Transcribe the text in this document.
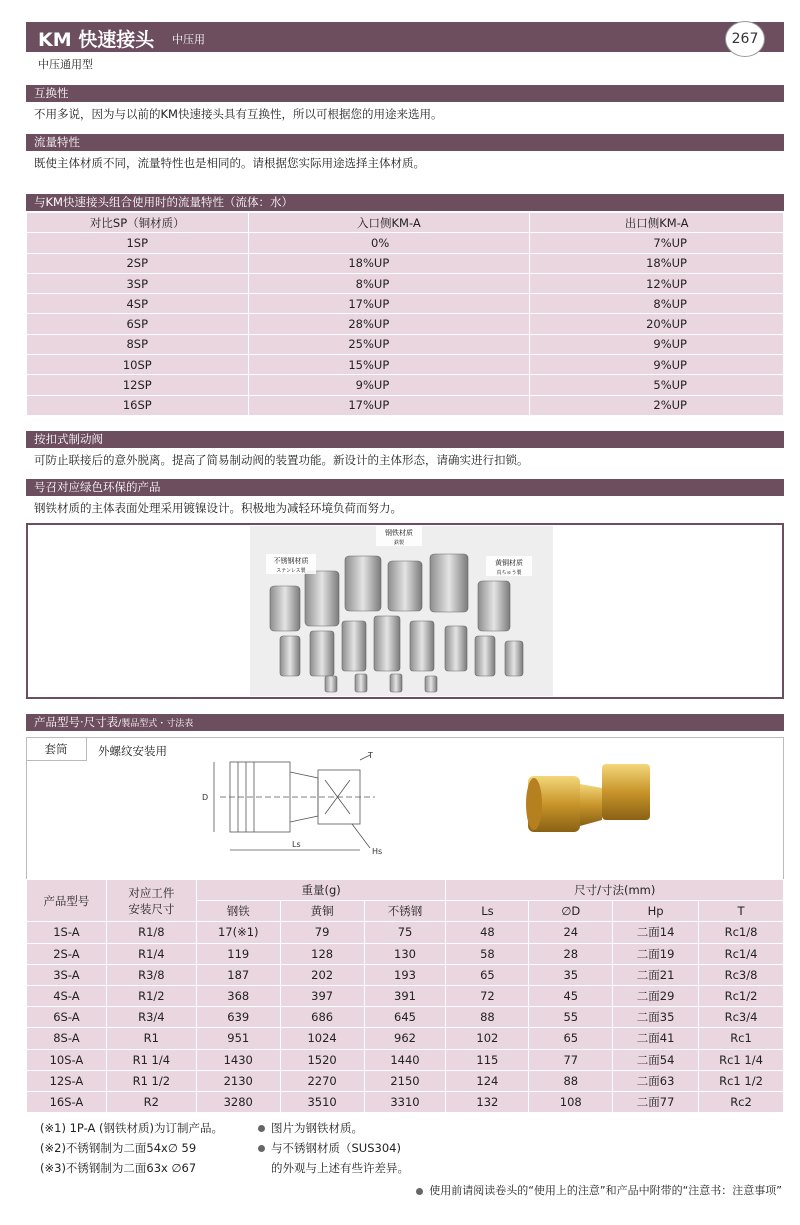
KM 快速接头 中压用	267
中压通用型
互换性
不用多说，因为与以前的KM快速接头具有互换性，所以可根据您的用途来选用。
流量特性
既使主体材质不同，流量特性也是相同的。请根据您实际用途选择主体材质。
与KM快速接头组合使用时的流量特性（流体：水）
对比SP（铜材质）	入口侧KM-A	出口侧KM-A
1SP	0%	7%UP
2SP	18%UP	18%UP
3SP	8%UP	12%UP
4SP	17%UP	8%UP
6SP	28%UP	20%UP
8SP	25%UP	9%UP
10SP	15%UP	9%UP
12SP	9%UP	5%UP
16SP	17%UP	2%UP
按扣式制动阀
可防止联接后的意外脱离。提高了简易制动阀的装置功能。新设计的主体形态，请确实进行扣锁。
号召对应绿色环保的产品
钢铁材质的主体表面处理采用镀镍设计。积极地为减轻环境负荷而努力。
钢铁材质
鉄製
不锈钢材质
ステンレス製
黄铜材质
真ちゅう製
产品型号·尺寸表/製品型式・寸法表
套筒	外螺纹安装用	T
D
Ls
Hs
产品型号	对应工件安装尺寸	重量(g)			尺寸/寸法(mm)			
		钢铁	黄铜	不锈钢	Ls	∅D	Hp	T
1S-A	R1/8	17(※1)	79	75	48	24	二面14	Rc1/8
2S-A	R1/4	119	128	130	58	28	二面19	Rc1/4
3S-A	R3/8	187	202	193	65	35	二面21	Rc3/8
4S-A	R1/2	368	397	391	72	45	二面29	Rc1/2
6S-A	R3/4	639	686	645	88	55	二面35	Rc3/4
8S-A	R1	951	1024	962	102	65	二面41	Rc1
10S-A	R1 1/4	1430	1520	1440	115	77	二面54	Rc1 1/4
12S-A	R1 1/2	2130	2270	2150	124	88	二面63	Rc1 1/2
16S-A	R2	3280	3510	3310	132	108	二面77	Rc2
(※1) 1P-A (钢铁材质)为订制产品。
(※2)不锈钢制为二面54x∅ 59
(※3)不锈钢制为二面63x ∅67
图片为钢铁材质。
与不锈钢材质（SUS304)
的外观与上述有些许差异。
使用前请阅读卷头的“使用上的注意”和产品中附带的“注意书：注意事项”
